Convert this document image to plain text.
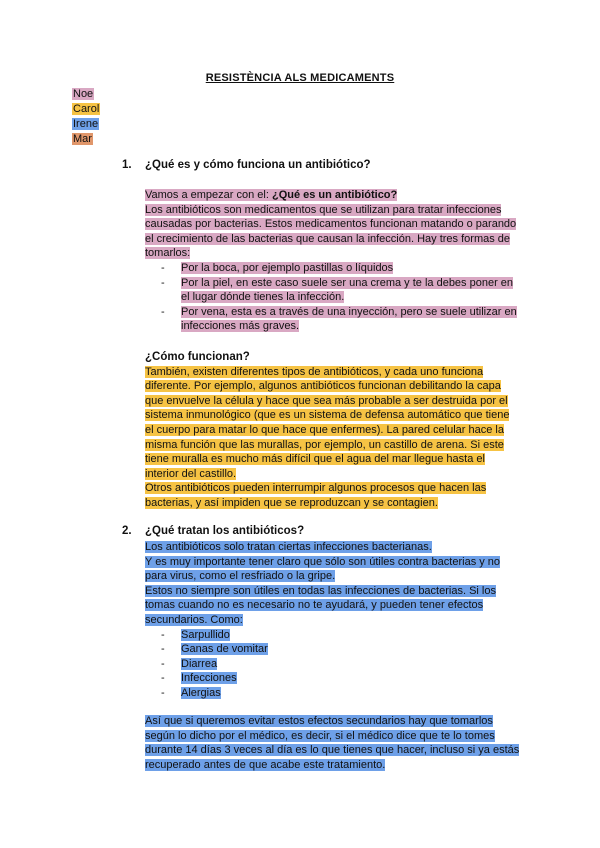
RESISTÈNCIA ALS MEDICAMENTS
Noe
Carol
Irene
Mar
1. ¿Qué es y cómo funciona un antibiótico?

Vamos a empezar con el: ¿Qué es un antibiótico?

Los antibióticos son medicamentos que se utilizan para tratar infecciones causadas por bacterias. Estos medicamentos funcionan matando o parando el crecimiento de las bacterias que causan la infección. Hay tres formas de tomarlos:

- Por la boca, por ejemplo pastillas o líquidos
- Por la piel, en este caso suele ser una crema y te la debes poner en el lugar dónde tienes la infección.
- Por vena, esta es a través de una inyección, pero se suele utilizar en infecciones más graves.

¿Cómo funcionan?

También, existen diferentes tipos de antibióticos, y cada uno funciona diferente. Por ejemplo, algunos antibióticos funcionan debilitando la capa que envuelve la célula y hace que sea más probable a ser destruida por el sistema inmunológico (que es un sistema de defensa automático que tiene el cuerpo para matar lo que hace que enfermes). La pared celular hace la misma función que las murallas, por ejemplo, un castillo de arena. Si este tiene muralla es mucho más difícil que el agua del mar llegue hasta el interior del castillo.

Otros antibióticos pueden interrumpir algunos procesos que hacen las bacterias, y así impiden que se reproduzcan y se contagien.

2. ¿Qué tratan los antibióticos?

Los antibióticos solo tratan ciertas infecciones bacterianas.

Y es muy importante tener claro que sólo son útiles contra bacterias y no para virus, como el resfriado o la gripe.

Estos no siempre son útiles en todas las infecciones de bacterias. Si los tomas cuando no es necesario no te ayudará, y pueden tener efectos secundarios. Como:

- Sarpullido
- Ganas de vomitar
- Diarrea
- Infecciones
- Alergias

Así que si queremos evitar estos efectos secundarios hay que tomarlos según lo dicho por el médico, es decir, si el médico dice que te lo tomes durante 14 días 3 veces al día es lo que tienes que hacer, incluso si ya estás recuperado antes de que acabe este tratamiento.
